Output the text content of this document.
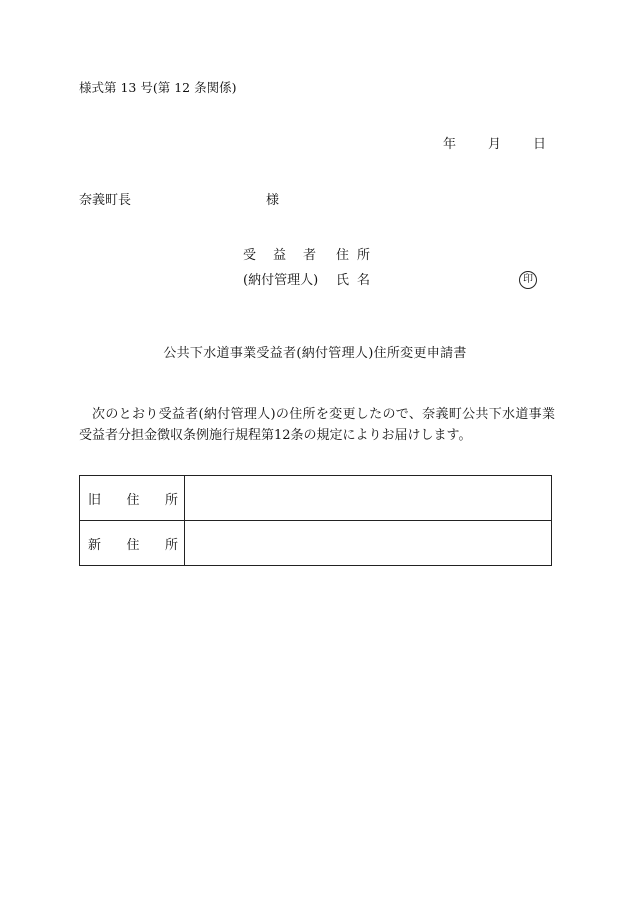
様式第 13 号(第 12 条関係)
年 月 日
奈義町長	様
受 益 者 住 所
(納付管理人) 氏 名	印
公共下水道事業受益者(納付管理人)住所変更申請書
次のとおり受益者(納付管理人)の住所を変更したので、奈義町公共下水道事業受益者分担金徴収条例施行規程第12条の規定によりお届けします。
旧 住 所	

新 住 所	
